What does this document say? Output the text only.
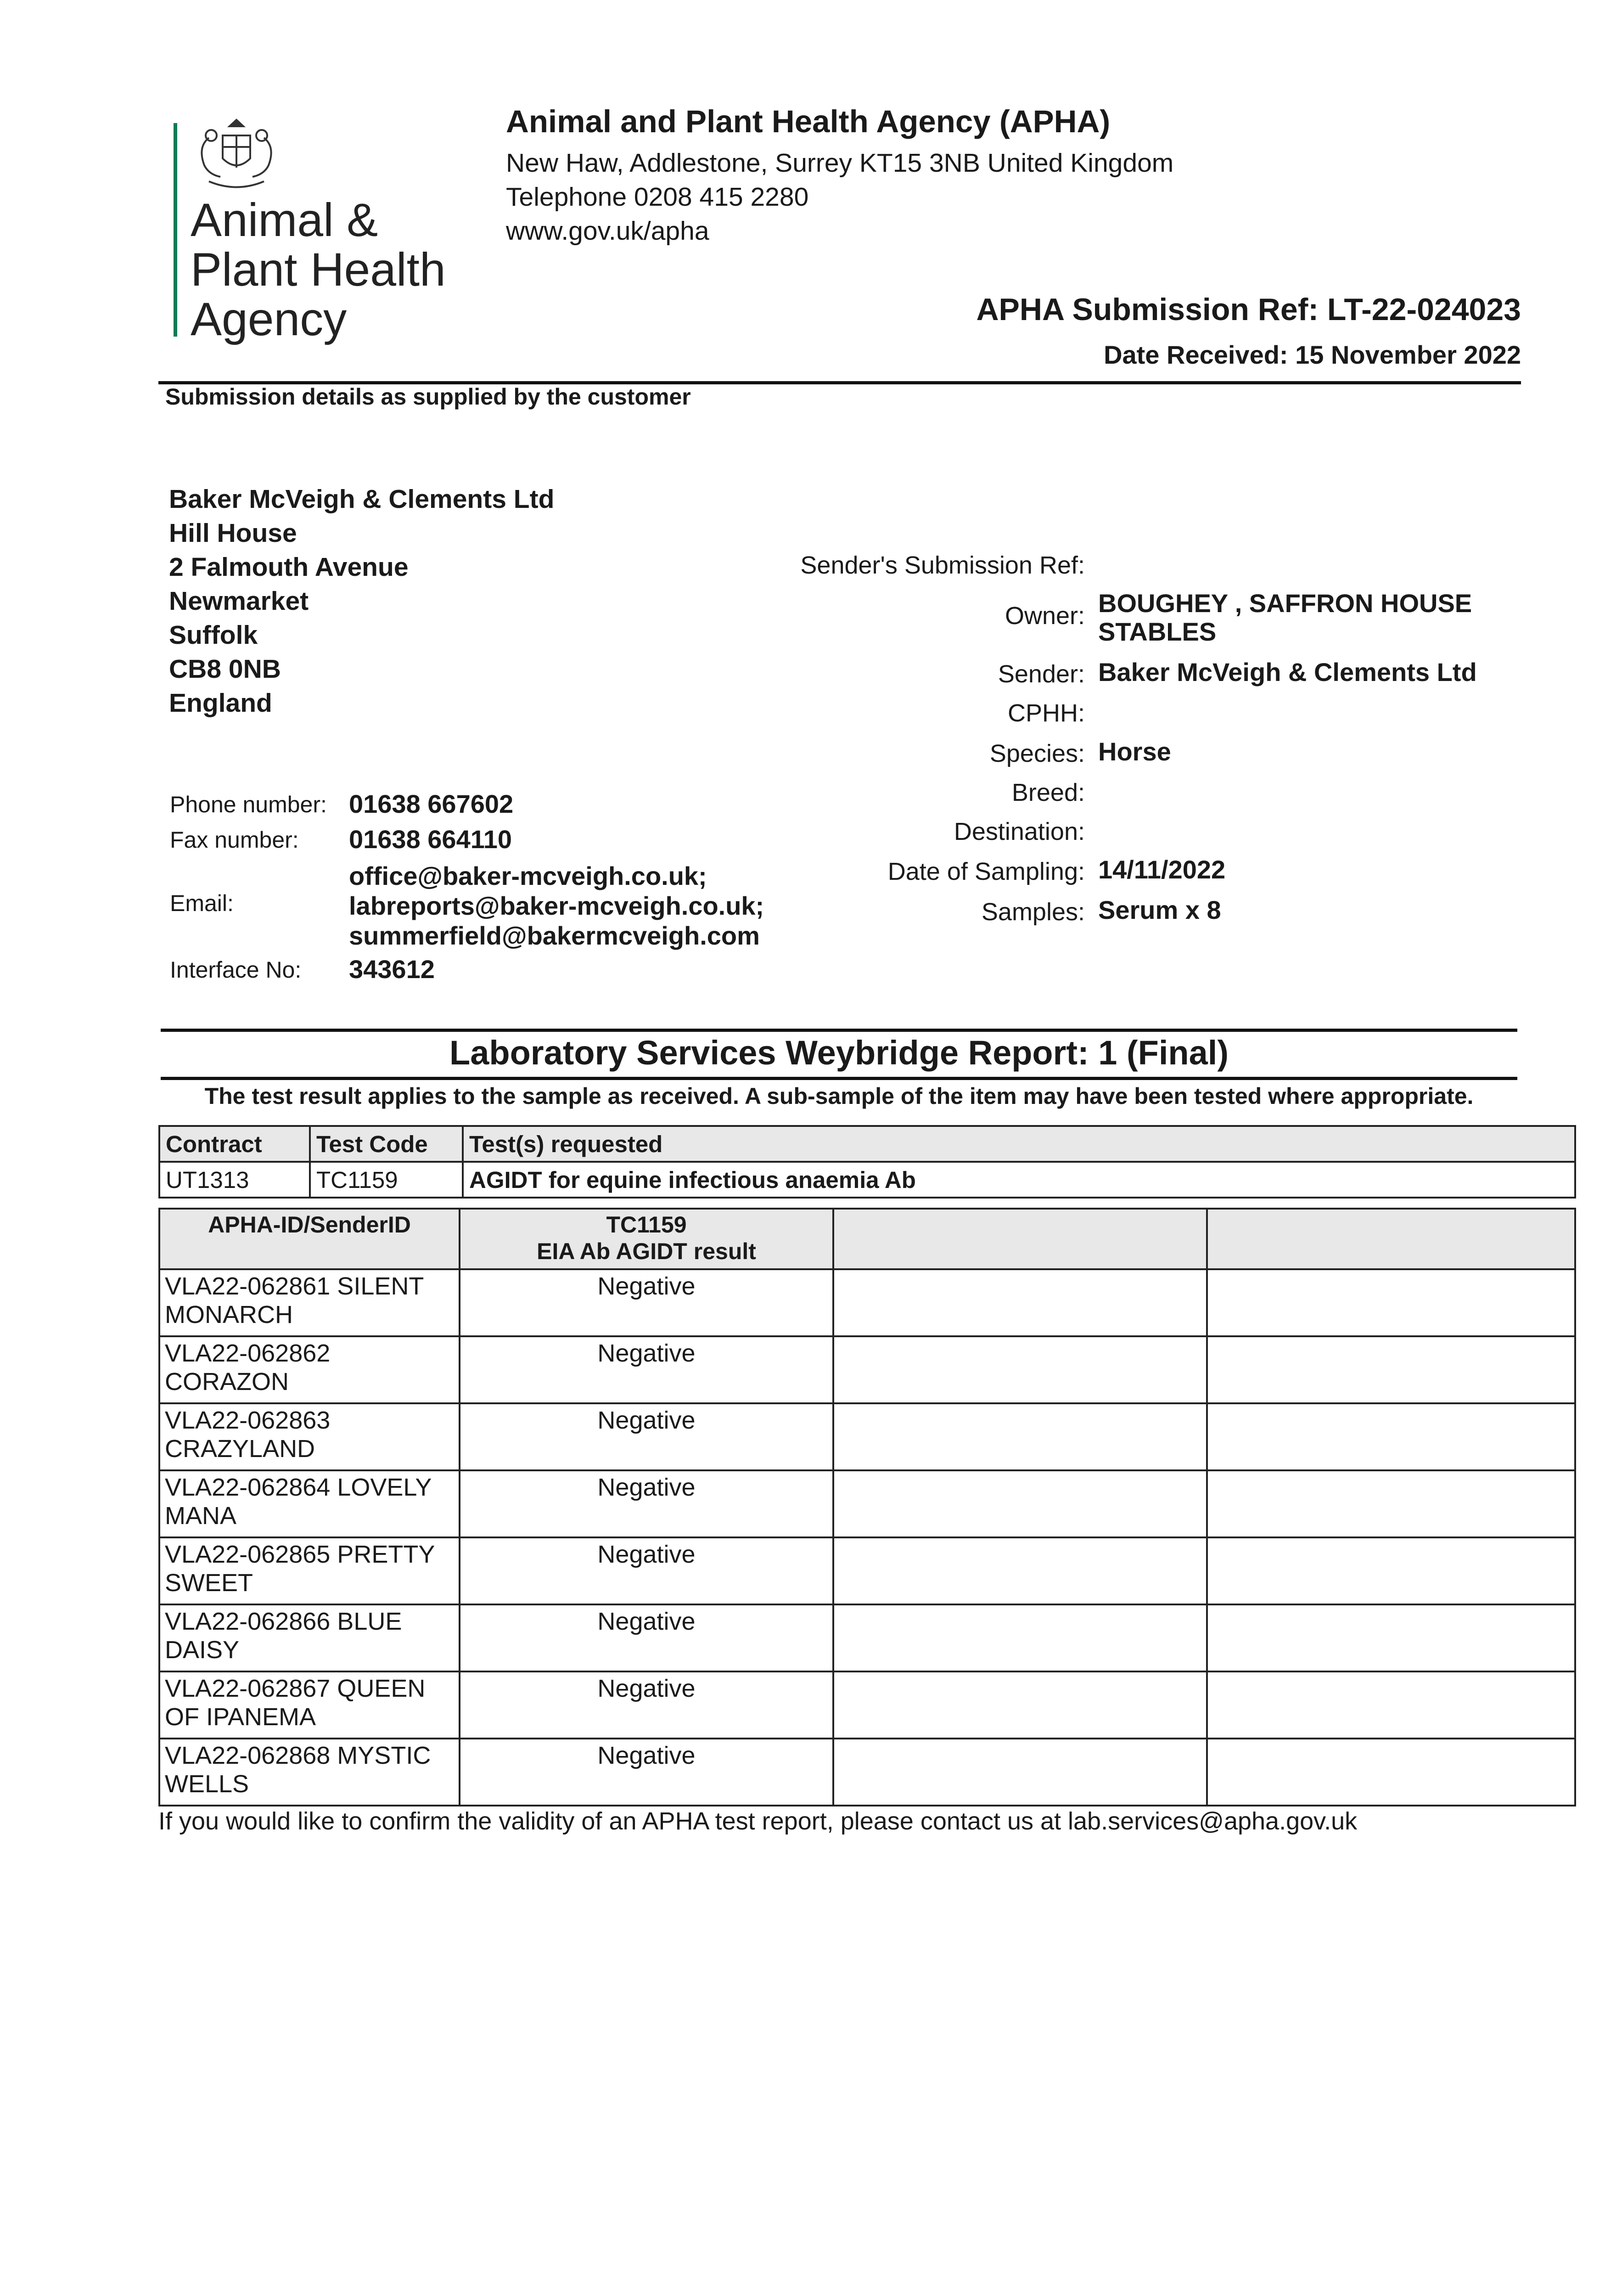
Animal &
Plant Health
Agency
Animal and Plant Health Agency (APHA)
New Haw, Addlestone, Surrey KT15 3NB United Kingdom
Telephone 0208 415 2280
www.gov.uk/apha
APHA Submission Ref: LT-22-024023
Date Received: 15 November 2022
Submission details as supplied by the customer
Baker McVeigh & Clements Ltd
Hill House
2 Falmouth Avenue
Newmarket
Suffolk
CB8 0NB
England
Phone number: 01638 667602
Fax number: 01638 664110
Email:
office@baker-mcveigh.co.uk;
labreports@baker-mcveigh.co.uk;
summerfield@bakermcveigh.com
Interface No: 343612
Sender's Submission Ref:
Owner: BOUGHEY , SAFFRON HOUSE
STABLES
Sender: Baker McVeigh & Clements Ltd
CPHH:
Species: Horse
Breed:
Destination:
Date of Sampling: 14/11/2022
Samples: Serum x 8
Laboratory Services Weybridge Report: 1 (Final)
The test result applies to the sample as received. A sub-sample of the item may have been tested where appropriate.
Contract	Test Code	Test(s) requested
UT1313	TC1159	AGIDT for equine infectious anaemia Ab
APHA-ID/SenderID	TC1159
EIA Ab AGIDT result		

VLA22-062861 SILENT
MONARCH	Negative		

VLA22-062862
CORAZON	Negative		

VLA22-062863
CRAZYLAND	Negative		

VLA22-062864 LOVELY
MANA	Negative		

VLA22-062865 PRETTY
SWEET	Negative		

VLA22-062866 BLUE
DAISY	Negative		

VLA22-062867 QUEEN
OF IPANEMA	Negative		

VLA22-062868 MYSTIC
WELLS	Negative		
If you would like to confirm the validity of an APHA test report, please contact us at lab.services@apha.gov.uk
